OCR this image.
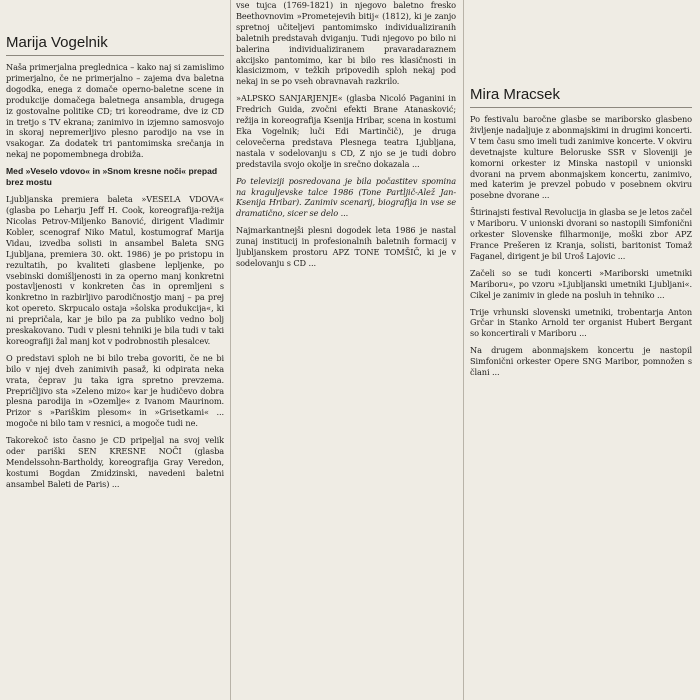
Marija Vogelnik

Naša primerjalna preglednica – kako naj si zamislimo primerjalno, če ne primerjalno – zajema dva baletna dogodka, enega z domače operno-baletne scene in produkcije domačega baletnega ansambla, drugega iz gostovalne politike CD; tri koreodrame, dve iz CD in tretjo s TV ekrana; zanimivo in izjemno samosvojo in skoraj nepremerljivo plesno parodijo na vse in vsakogar. Za dodatek tri pantomimska srečanja in nekaj ne popomembnega drobiža.

Med »Veselo vdovo« in »Snom kresne noči« prepad brez mostu

Ljubljanska premiera baleta »VESELA VDOVA« (glasba po Leharju Jeff H. Cook, koreografija-režija Nicolas Petrov-Miljenko Banović, dirigent Vladimir Kobler, scenograf Niko Matul, kostumograf Marija Vidau, izvedba solisti in ansambel Baleta SNG Ljubljana, premiera 30. okt. 1986) je po pristopu in rezultatih, po kvaliteti glasbene lepljenke, po vsebinski domišljenosti in za operno manj konkretni postavljenosti v konkreten čas in opremljeni s konkretno in razbirljivo parodičnostjo manj – pa prej kot opereto. Skrpucalo ostaja »šolska produkcija«, ki ni prepričala, kar je bilo pa za publiko vedno bolj preskakovano. Tudi v plesni tehniki je bila tudi v taki koreografiji žal manj kot v podrobnostih plesalcev.

O predstavi sploh ne bi bilo treba govoriti, če ne bi bilo v njej dveh zanimivih pasaž, ki odpirata neka vrata, čeprav ju taka igra spretno prevzema. Prepričljivo sta »Zeleno mizo« kar je hudičevo dobra plesna parodija in »Ozemlje« z Ivanom Maurinom. Prizor s »Pariškim plesom« in »Grisetkami« ... mogoče ni bilo tam v resnici, a mogoče tudi ne.

Takorekoč isto časno je CD pripeljal na svoj velik oder pariški SEN KRESNE NOČI (glasba Mendelssohn-Bartholdy, koreografija Gray Veredon, kostumi Bogdan Zmidzinski, navedeni baletni ansambel Baleti de Paris) ...

vse tujca (1769-1821) in njegovo baletno fresko Beethovnovim »Prometejevih bitij« (1812), ki je zanjo spretnoj učiteljevi pantomimsko individualiziranih baletnih predstavah dviganju. Tudi njegovo po bilo ni balerina individualiziranem pravaradaraznem akcijsko pantomimo, kar bi bilo res klasičnosti in klasicizmom, v težkih pripovedih sploh nekaj pod nekaj in se po vseh obravnavah razkrilo.

»ALPSKO SANJARJENJE« (glasba Nicoló Paganini in Fredrich Guida, zvočni efekti Brane Atanasković; režija in koreografija Ksenija Hribar, scena in kostumi Eka Vogelnik; luči Edi Martinčič), je druga celovečerna predstava Plesnega teatra Ljubljana, nastala v sodelovanju s CD, Z njo se je tudi dobro predstavila svojo okolje in srečno dokazala ...

Po televiziji posredovana je bila počastitev spomina na kraguljevske talce 1986 (Tone Partljič-Alež Jan-Ksenija Hribar). Zanimiv scenarij, biografija in vse se dramatično, sicer se delo ...

Najmarkantnejši plesni dogodek leta 1986 je nastal zunaj institucij in profesionalnih baletnih formacij v ljubljanskem prostoru APZ TONE TOMŠIČ, ki je v sodelovanju s CD ...

Mira Mracsek

Po festivalu baročne glasbe se mariborsko glasbeno življenje nadaljuje z abonmajskimi in drugimi koncerti. V tem času smo imeli tudi zanimive koncerte. V okviru devetnajste kulture Beloruske SSR v Sloveniji je komorni orkester iz Minska nastopil v unionski dvorani na prvem abonmajskem koncertu, zanimivo, med katerim je prevzel pobudo v posebnem okviru posebne dvorane ...

Štirinajsti festival Revolucija in glasba se je letos začel v Mariboru. V unionski dvorani so nastopili Simfonični orkester Slovenske filharmonije, moški zbor APZ France Prešeren iz Kranja, solisti, baritonist Tomaž Faganel, dirigent je bil Uroš Lajovic ...

Začeli so se tudi koncerti »Mariborski umetniki Mariboru«, po vzoru »Ljubljanski umetniki Ljubljani«. Cikel je zanimiv in glede na posluh in tehniko ...

Trije vrhunski slovenski umetniki, trobentarja Anton Grčar in Stanko Arnold ter organist Hubert Bergant so koncertirali v Mariboru ...

Na drugem abonmajskem koncertu je nastopil Simfonični orkester Opere SNG Maribor, pomnožen s člani ...
